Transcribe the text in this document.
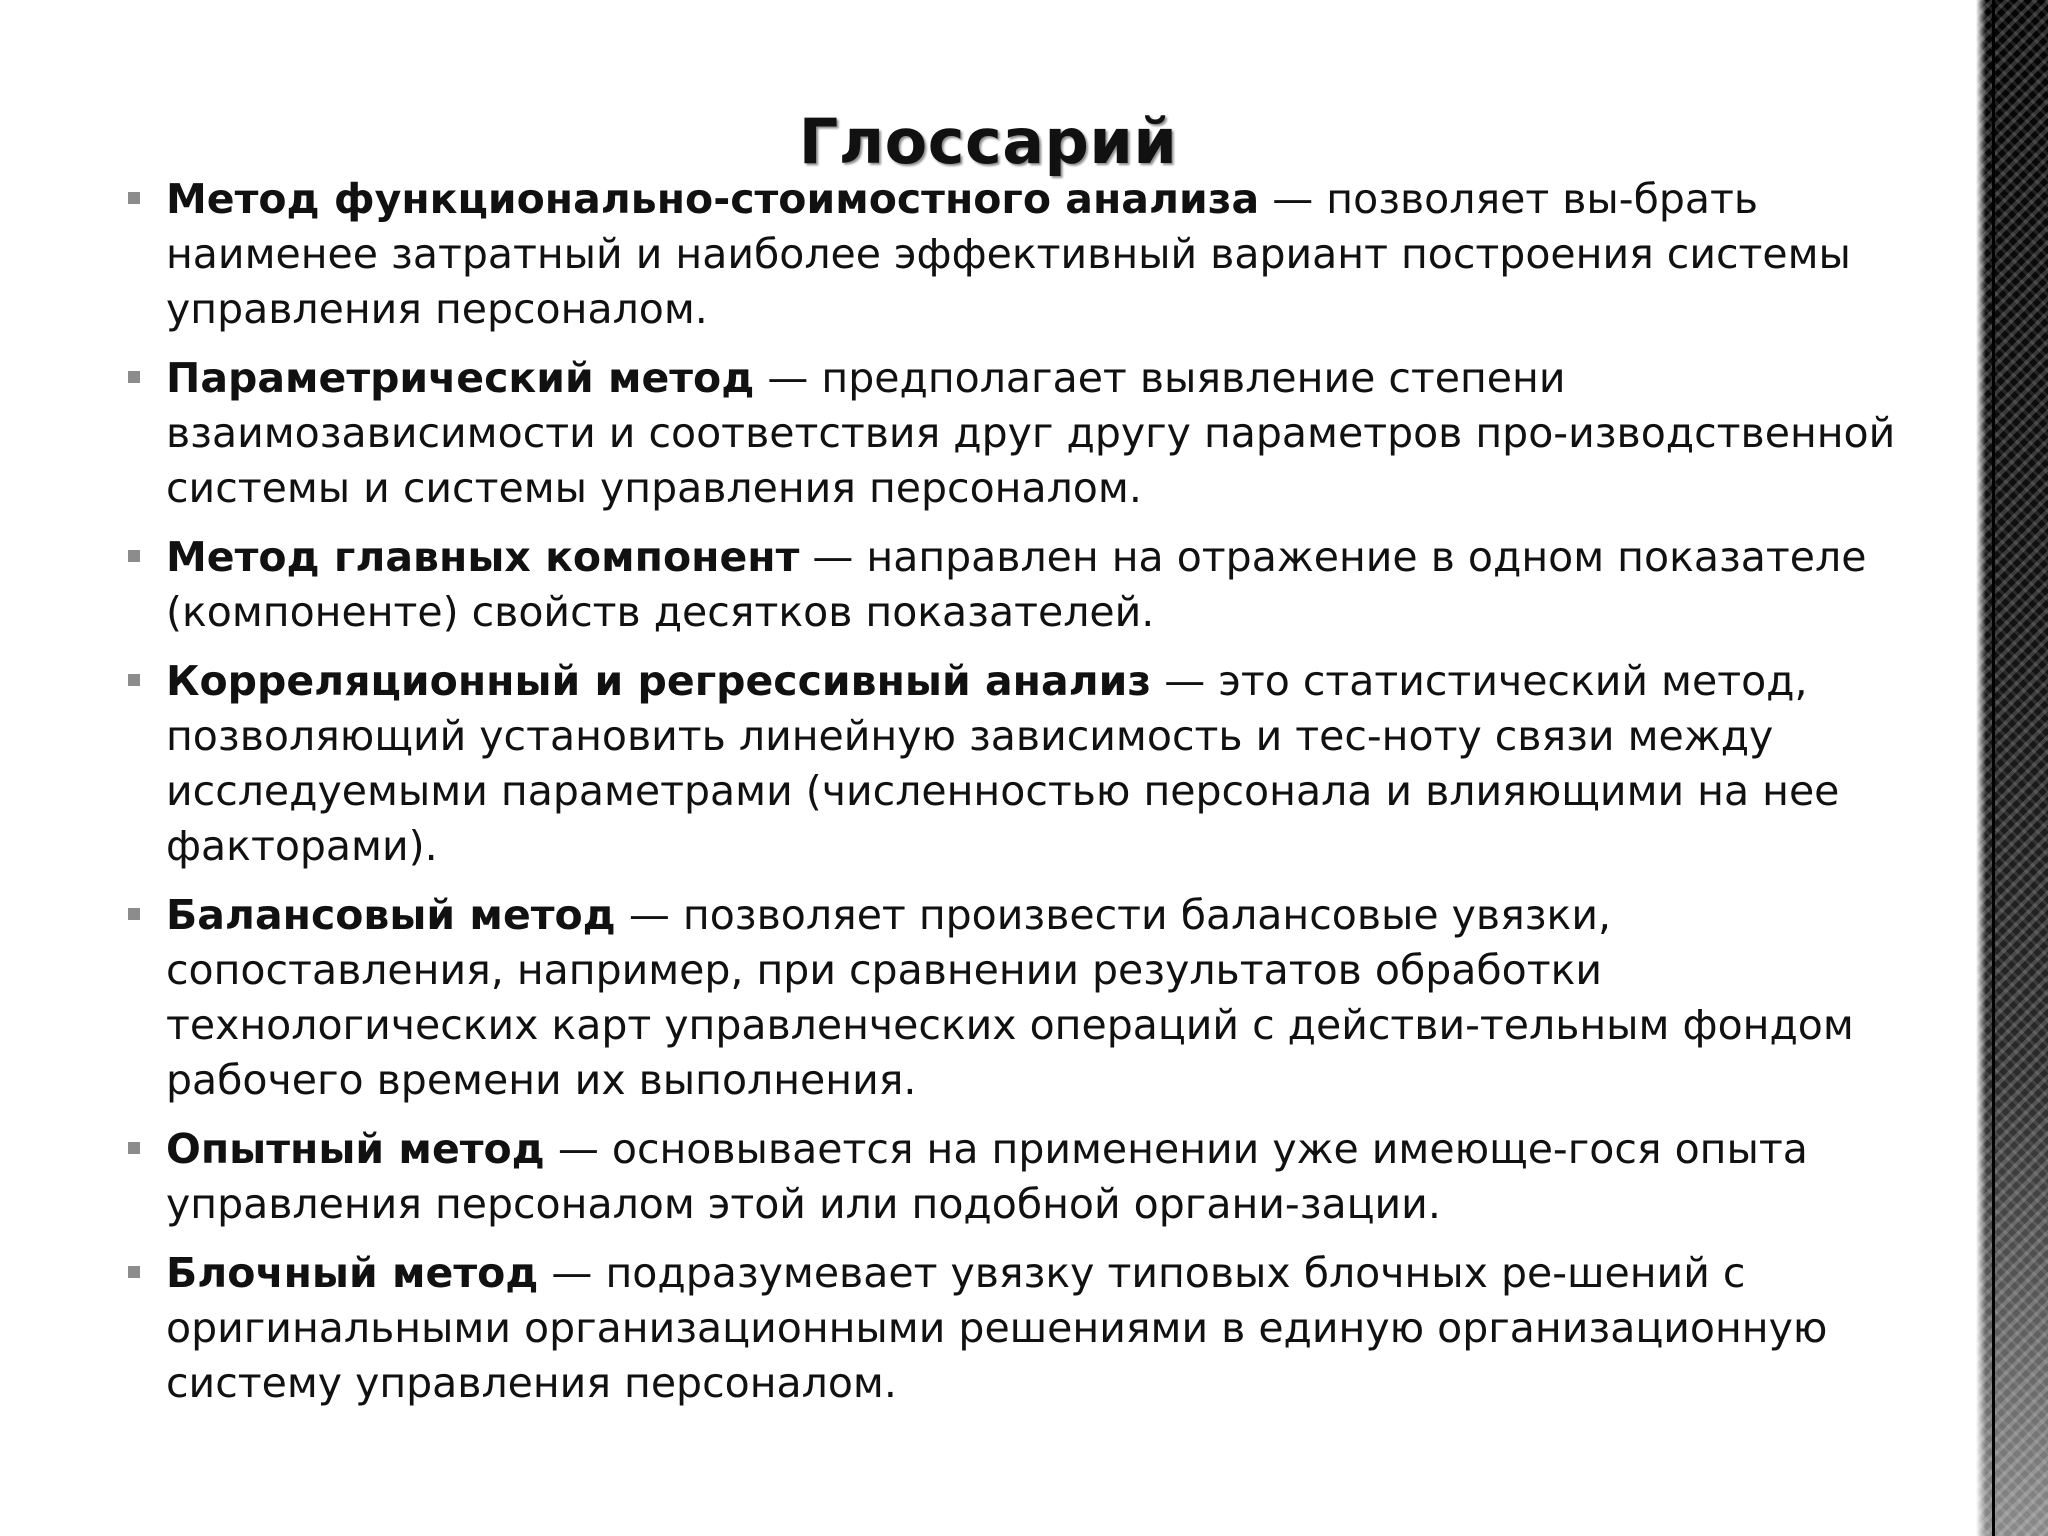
Глоссарий
Метод функционально-стоимостного анализа — позволяет вы-брать наименее затратный и наиболее эффективный вариант построения системы управления персоналом.
Параметрический метод — предполагает выявление степени взаимозависимости и соответствия друг другу параметров про-изводственной системы и системы управления персоналом.
Метод главных компонент — направлен на отражение в одном показателе (компоненте) свойств десятков показателей.
Корреляционный и регрессивный анализ — это статистический метод, позволяющий установить линейную зависимость и тес-ноту связи между исследуемыми параметрами (численностью персонала и влияющими на нее факторами).
Балансовый метод — позволяет произвести балансовые увязки, сопоставления, например, при сравнении результатов обработки технологических карт управленческих операций с действи-тельным фондом рабочего времени их выполнения.
Опытный метод — основывается на применении уже имеюще-гося опыта управления персоналом этой или подобной органи-зации.
Блочный метод — подразумевает увязку типовых блочных ре-шений с оригинальными организационными решениями в единую организационную систему управления персоналом.
